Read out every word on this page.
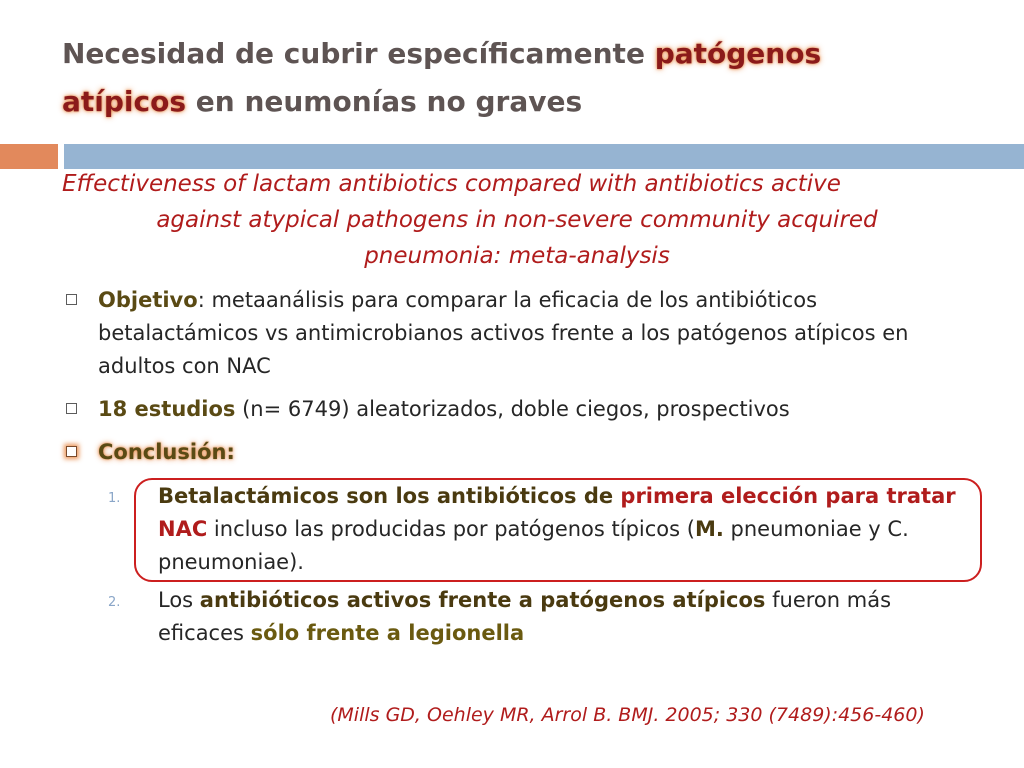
Necesidad de cubrir específicamente patógenos
atípicos en neumonías no graves

Effectiveness of lactam antibiotics compared with antibiotics active
against atypical pathogens in non-severe community acquired
pneumonia: meta-analysis

Objetivo: metaanálisis para comparar la eficacia de los antibióticos betalactámicos vs antimicrobianos activos frente a los patógenos atípicos en adultos con NAC
18 estudios (n= 6749) aleatorizados, doble ciegos, prospectivos
Conclusión:
1. Betalactámicos son los antibióticos de primera elección para tratar NAC incluso las producidas por patógenos típicos (M. pneumoniae y C. pneumoniae).
2. Los antibióticos activos frente a patógenos atípicos fueron más eficaces sólo frente a legionella

(Mills GD, Oehley MR, Arrol B. BMJ. 2005; 330 (7489):456-460)
